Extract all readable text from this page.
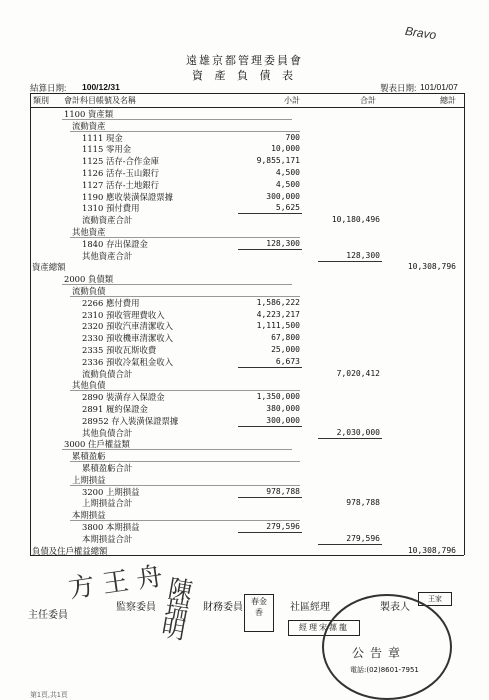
Bravo
遠雄京都管理委員會
資 產 負 債 表
結算日期: 100/12/31	製表日期: 101/01/07
類別 會計科目帳號及名稱	小計	合計	總計
1100 資產類
流動資產
1111 現金	700
1115 零用金	10,000
1125 活存-合作金庫	9,855,171
1126 活存-玉山銀行	4,500
1127 活存-土地銀行	4,500
1190 應收裝潢保證票據	300,000
1310 預付費用	5,625
流動資產合計	10,180,496
其他資產
1840 存出保證金	128,300
其他資產合計	128,300
資產總額	10,308,796
2000 負債類
流動負債
2266 應付費用	1,586,222
2310 預收管理費收入	4,223,217
2320 預收汽車清潔收入	1,111,500
2330 預收機車清潔收入	67,800
2335 預收瓦斯收費	25,000
2336 預收冷氣租金收入	6,673
流動負債合計	7,020,412
其他負債
2890 裝潢存入保證金	1,350,000
2891 履約保證金	380,000
28952 存入裝潢保證票據	300,000
其他負債合計	2,030,000
3000 住戶權益類
累積盈虧
累積盈虧合計
上期損益
3200 上期損益	978,788
上期損益合計	978,788
本期損益
3800 本期損益	279,596
本期損益合計	279,596
負債及住戶權益總額	10,308,796
主任委員
監察委員	財務委員	社區經理	製表人
方 王 舟 陳 瑞 明
春金 香
經理宋蓀龍
王家
公告章
電話:(02)8601-7951
第1頁,共1頁
